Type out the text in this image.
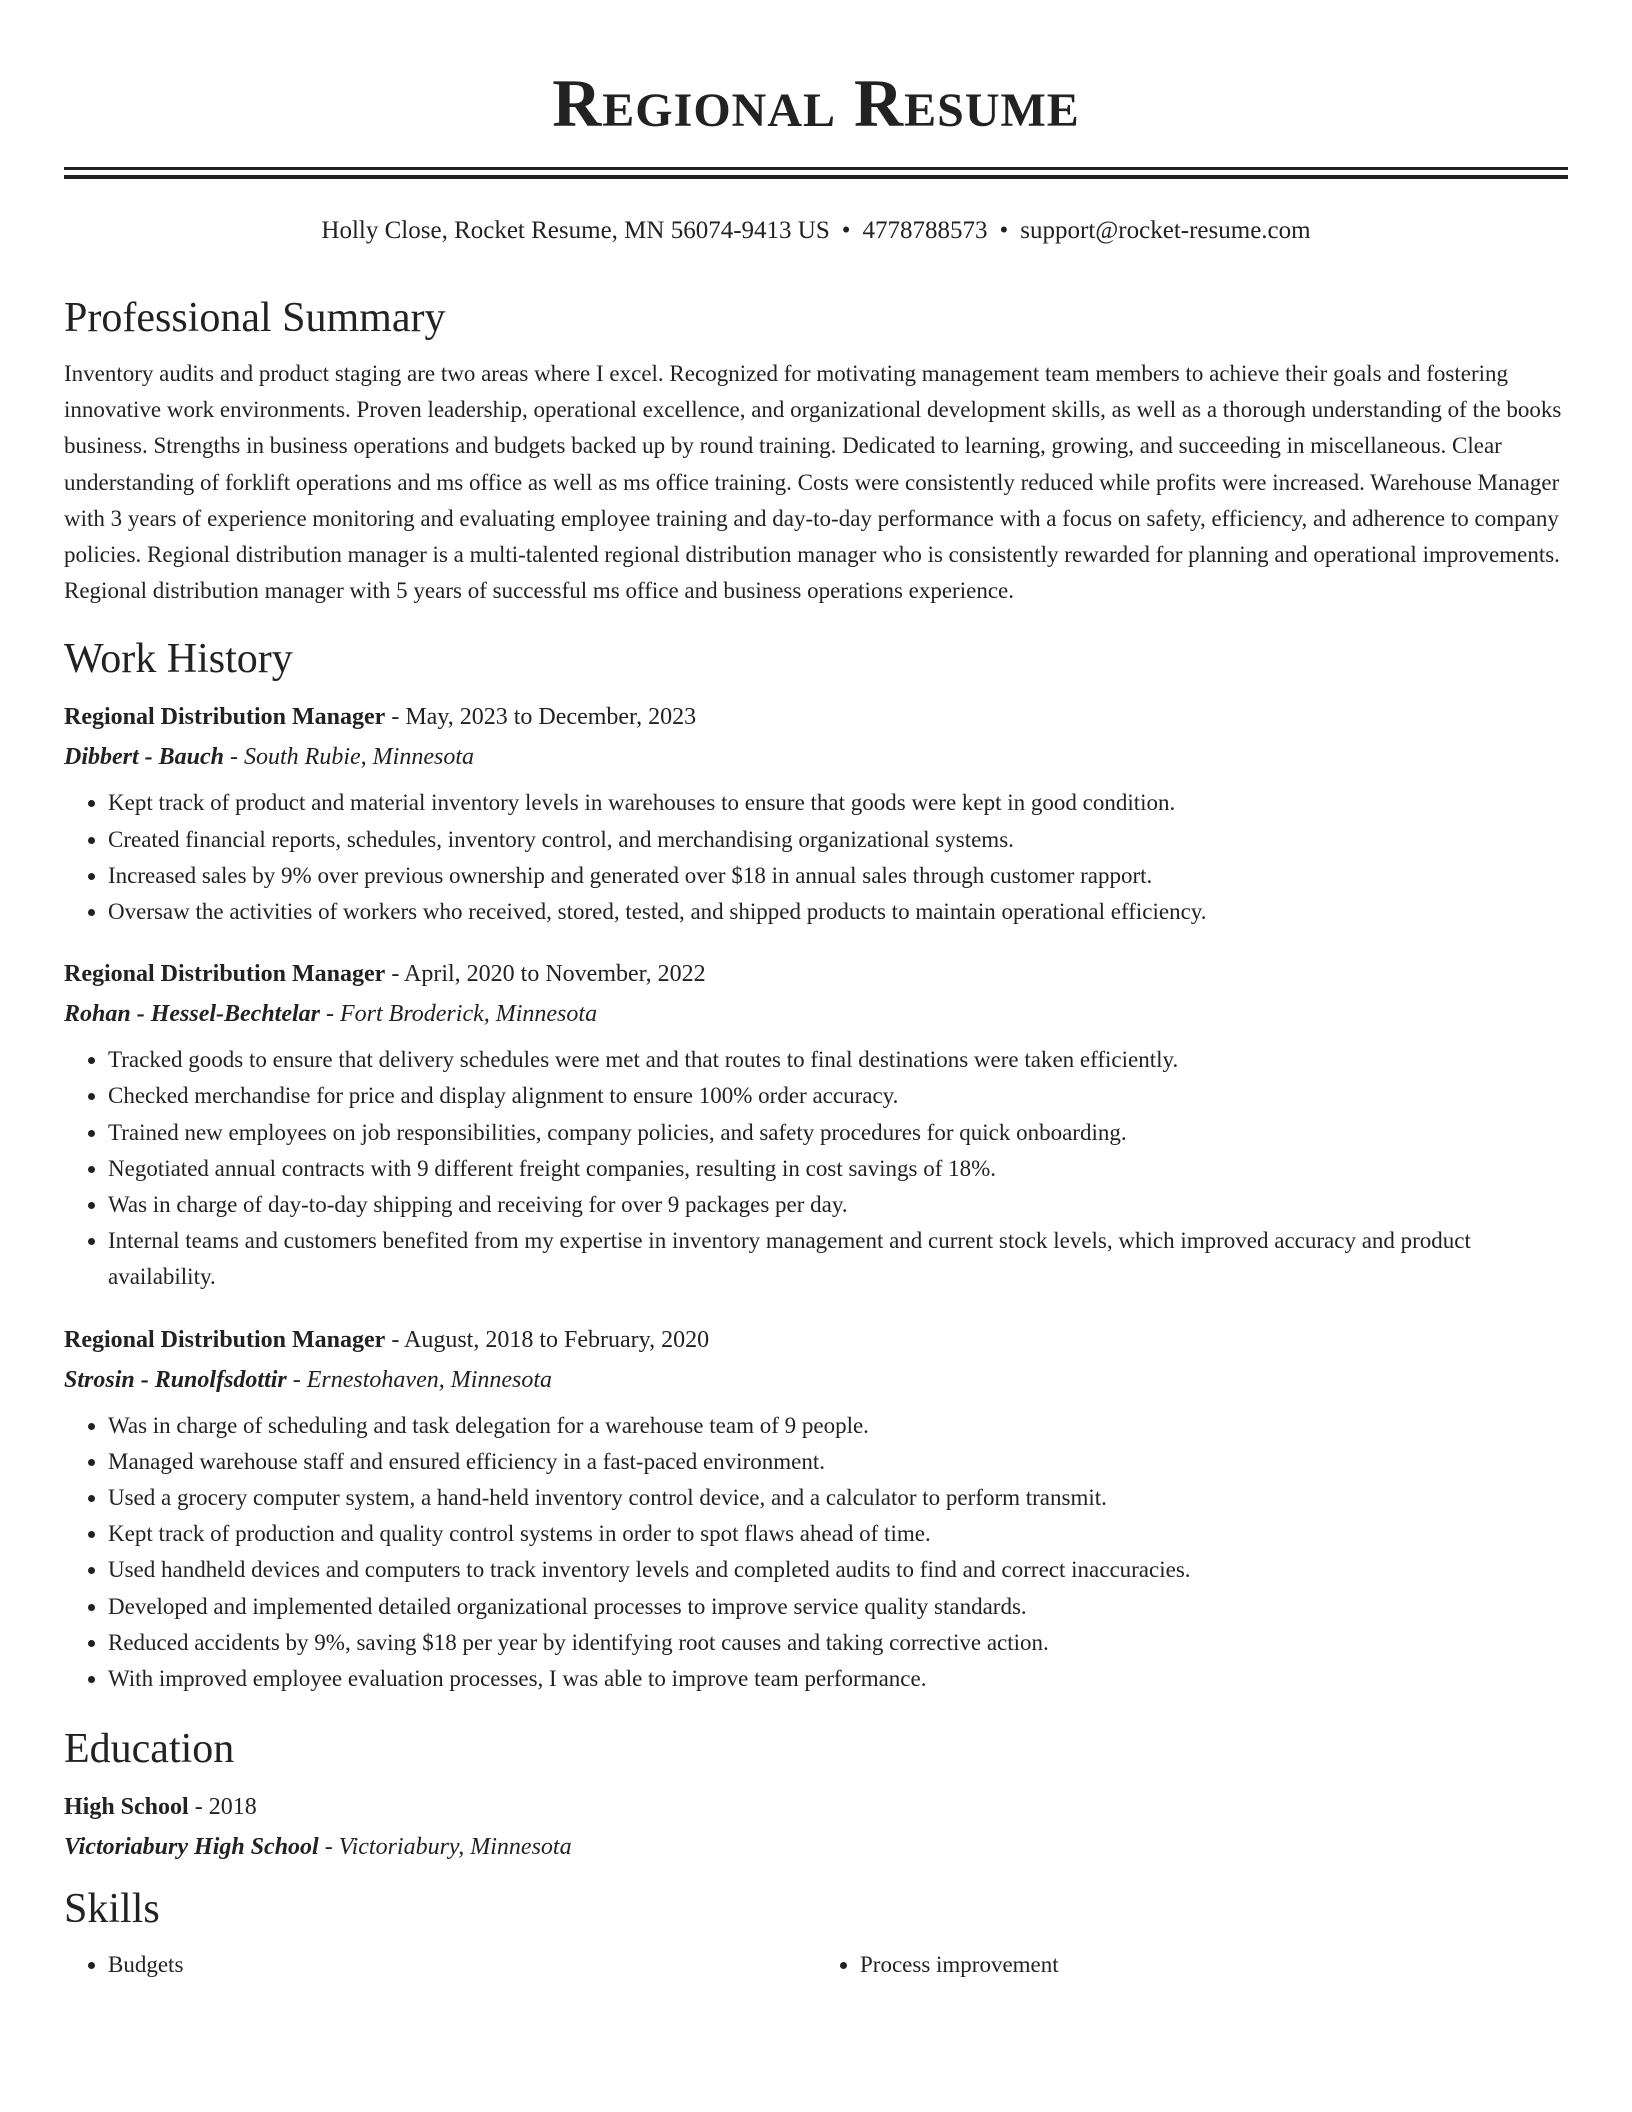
Regional Resume
Holly Close, Rocket Resume, MN 56074-9413 US • 4778788573 • support@rocket-resume.com
Professional Summary

Inventory audits and product staging are two areas where I excel. Recognized for motivating management team members to achieve their goals and fostering innovative work environments. Proven leadership, operational excellence, and organizational development skills, as well as a thorough understanding of the books business. Strengths in business operations and budgets backed up by round training. Dedicated to learning, growing, and succeeding in miscellaneous. Clear understanding of forklift operations and ms office as well as ms office training. Costs were consistently reduced while profits were increased. Warehouse Manager with 3 years of experience monitoring and evaluating employee training and day-to-day performance with a focus on safety, efficiency, and adherence to company policies. Regional distribution manager is a multi-talented regional distribution manager who is consistently rewarded for planning and operational improvements. Regional distribution manager with 5 years of successful ms office and business operations experience.

Work History
Regional Distribution Manager - May, 2023 to December, 2023
Dibbert - Bauch - South Rubie, Minnesota
• Kept track of product and material inventory levels in warehouses to ensure that goods were kept in good condition.
• Created financial reports, schedules, inventory control, and merchandising organizational systems.
• Increased sales by 9% over previous ownership and generated over $18 in annual sales through customer rapport.
• Oversaw the activities of workers who received, stored, tested, and shipped products to maintain operational efficiency.
Regional Distribution Manager - April, 2020 to November, 2022
Rohan - Hessel-Bechtelar - Fort Broderick, Minnesota
• Tracked goods to ensure that delivery schedules were met and that routes to final destinations were taken efficiently.
• Checked merchandise for price and display alignment to ensure 100% order accuracy.
• Trained new employees on job responsibilities, company policies, and safety procedures for quick onboarding.
• Negotiated annual contracts with 9 different freight companies, resulting in cost savings of 18%.
• Was in charge of day-to-day shipping and receiving for over 9 packages per day.
• Internal teams and customers benefited from my expertise in inventory management and current stock levels, which improved accuracy and product availability.
Regional Distribution Manager - August, 2018 to February, 2020
Strosin - Runolfsdottir - Ernestohaven, Minnesota
• Was in charge of scheduling and task delegation for a warehouse team of 9 people.
• Managed warehouse staff and ensured efficiency in a fast-paced environment.
• Used a grocery computer system, a hand-held inventory control device, and a calculator to perform transmit.
• Kept track of production and quality control systems in order to spot flaws ahead of time.
• Used handheld devices and computers to track inventory levels and completed audits to find and correct inaccuracies.
• Developed and implemented detailed organizational processes to improve service quality standards.
• Reduced accidents by 9%, saving $18 per year by identifying root causes and taking corrective action.
• With improved employee evaluation processes, I was able to improve team performance.
Education
High School - 2018
Victoriabury High School - Victoriabury, Minnesota
Skills
• Budgets
•	Process improvement
